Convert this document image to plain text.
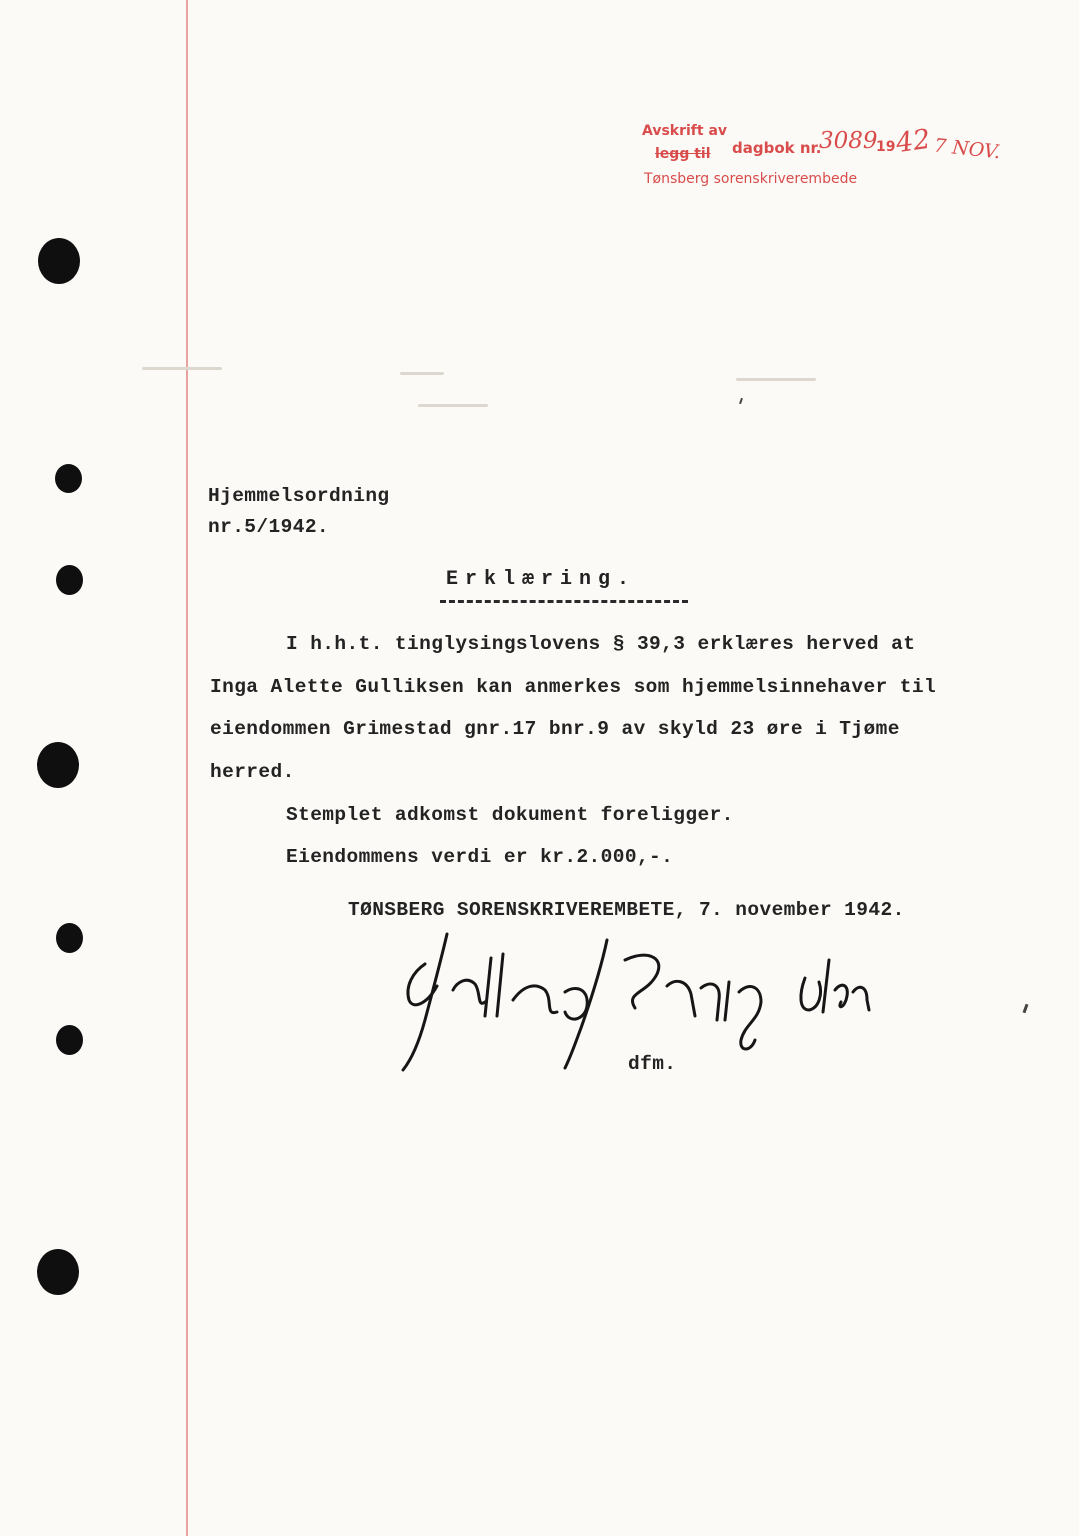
Avskrift av
legg til dagbok nr.
3089
19
42 7 NOV.
Tønsberg sorenskriverembede
Hjemmelsordning
nr.5/1942.
Erklæring.
I h.h.t. tinglysingslovens § 39,3 erklæres herved at
Inga Alette Gulliksen kan anmerkes som hjemmelsinnehaver til
eiendommen Grimestad gnr.17 bnr.9 av skyld 23 øre i Tjøme
herred.
Stemplet adkomst dokument foreligger.
Eiendommens verdi er kr.2.000,-.
TØNSBERG SORENSKRIVEREMBETE, 7. november 1942.
dfm.
